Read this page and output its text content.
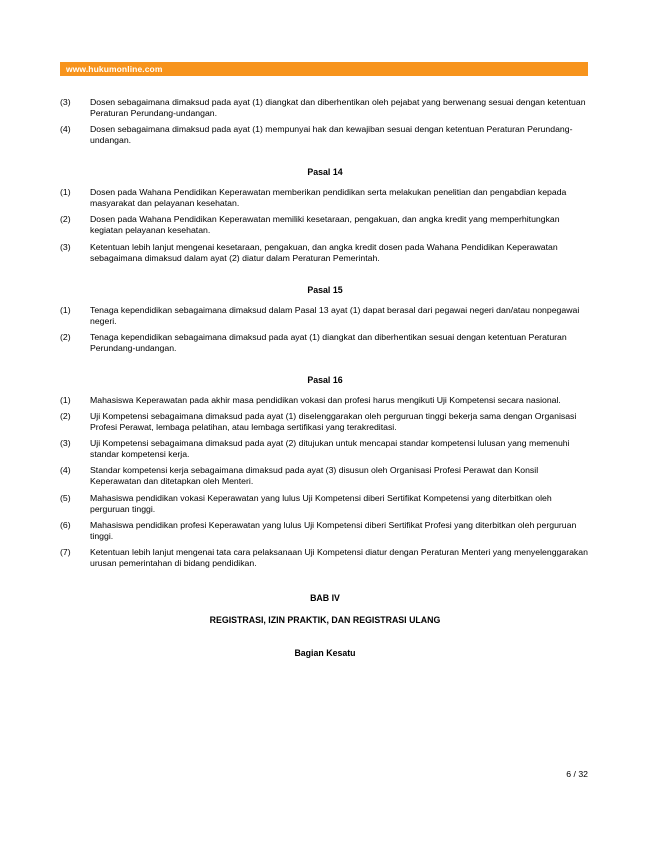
www.hukumonline.com
(3)	Dosen sebagaimana dimaksud pada ayat (1) diangkat dan diberhentikan oleh pejabat yang berwenang sesuai dengan ketentuan Peraturan Perundang-undangan.
(4)	Dosen sebagaimana dimaksud pada ayat (1) mempunyai hak dan kewajiban sesuai dengan ketentuan Peraturan Perundang-undangan.
Pasal 14
(1)	Dosen pada Wahana Pendidikan Keperawatan memberikan pendidikan serta melakukan penelitian dan pengabdian kepada masyarakat dan pelayanan kesehatan.
(2)	Dosen pada Wahana Pendidikan Keperawatan memiliki kesetaraan, pengakuan, dan angka kredit yang memperhitungkan kegiatan pelayanan kesehatan.
(3)	Ketentuan lebih lanjut mengenai kesetaraan, pengakuan, dan angka kredit dosen pada Wahana Pendidikan Keperawatan sebagaimana dimaksud dalam ayat (2) diatur dalam Peraturan Pemerintah.
Pasal 15
(1)	Tenaga kependidikan sebagaimana dimaksud dalam Pasal 13 ayat (1) dapat berasal dari pegawai negeri dan/atau nonpegawai negeri.
(2)	Tenaga kependidikan sebagaimana dimaksud pada ayat (1) diangkat dan diberhentikan sesuai dengan ketentuan Peraturan Perundang-undangan.
Pasal 16
(1)	Mahasiswa Keperawatan pada akhir masa pendidikan vokasi dan profesi harus mengikuti Uji Kompetensi secara nasional.
(2)	Uji Kompetensi sebagaimana dimaksud pada ayat (1) diselenggarakan oleh perguruan tinggi bekerja sama dengan Organisasi Profesi Perawat, lembaga pelatihan, atau lembaga sertifikasi yang terakreditasi.
(3)	Uji Kompetensi sebagaimana dimaksud pada ayat (2) ditujukan untuk mencapai standar kompetensi lulusan yang memenuhi standar kompetensi kerja.
(4)	Standar kompetensi kerja sebagaimana dimaksud pada ayat (3) disusun oleh Organisasi Profesi Perawat dan Konsil Keperawatan dan ditetapkan oleh Menteri.
(5)	Mahasiswa pendidikan vokasi Keperawatan yang lulus Uji Kompetensi diberi Sertifikat Kompetensi yang diterbitkan oleh perguruan tinggi.
(6)	Mahasiswa pendidikan profesi Keperawatan yang lulus Uji Kompetensi diberi Sertifikat Profesi yang diterbitkan oleh perguruan tinggi.
(7)	Ketentuan lebih lanjut mengenai tata cara pelaksanaan Uji Kompetensi diatur dengan Peraturan Menteri yang menyelenggarakan urusan pemerintahan di bidang pendidikan.
BAB IV
REGISTRASI, IZIN PRAKTIK, DAN REGISTRASI ULANG
Bagian Kesatu
6 / 32
